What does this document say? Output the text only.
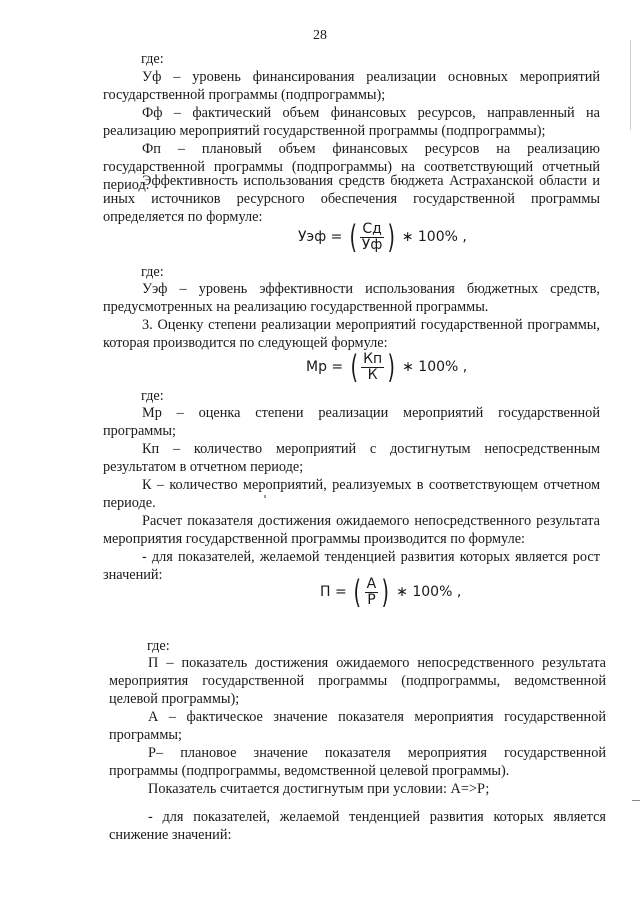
28
где:

Уф – уровень финансирования реализации основных мероприятий государственной программы (подпрограммы);

Фф – фактический объем финансовых ресурсов, направленный на реализацию мероприятий государственной программы (подпрограммы);

Фп – плановый объем финансовых ресурсов на реализацию государственной программы (подпрограммы) на соответствующий отчетный период.

Эффективность использования средств бюджета Астраханской области и иных источников ресурсного обеспечения государственной программы определяется по формуле:

Уэф = ( $\frac{Сд}{Уф}$ ) ∗ 100% ,
где:

Уэф – уровень эффективности использования бюджетных средств, предусмотренных на реализацию государственной программы.

3. Оценку степени реализации мероприятий государственной программы, которая производится по следующей формуле:

Мр = ( $\frac{Кп}{К}$ ) ∗ 100% ,
где:

Мр – оценка степени реализации мероприятий государственной программы;

Кп – количество мероприятий с достигнутым непосредственным результатом в отчетном периоде;

К – количество мероприятий, реализуемых в соответствующем отчетном периоде.

Расчет показателя достижения ожидаемого непосредственного результата мероприятия государственной программы производится по формуле:

- для показателей, желаемой тенденцией развития которых является рост значений:

П = ( $\frac{А}{Р}$ ) ∗ 100% ,
где:

П – показатель достижения ожидаемого непосредственного результата мероприятия государственной программы (подпрограммы, ведомственной целевой программы);

А – фактическое значение показателя мероприятия государственной программы;

Р– плановое значение показателя мероприятия государственной программы (подпрограммы, ведомственной целевой программы).

Показатель считается достигнутым при условии: А=>Р;

- для показателей, желаемой тенденцией развития которых является снижение значений:
